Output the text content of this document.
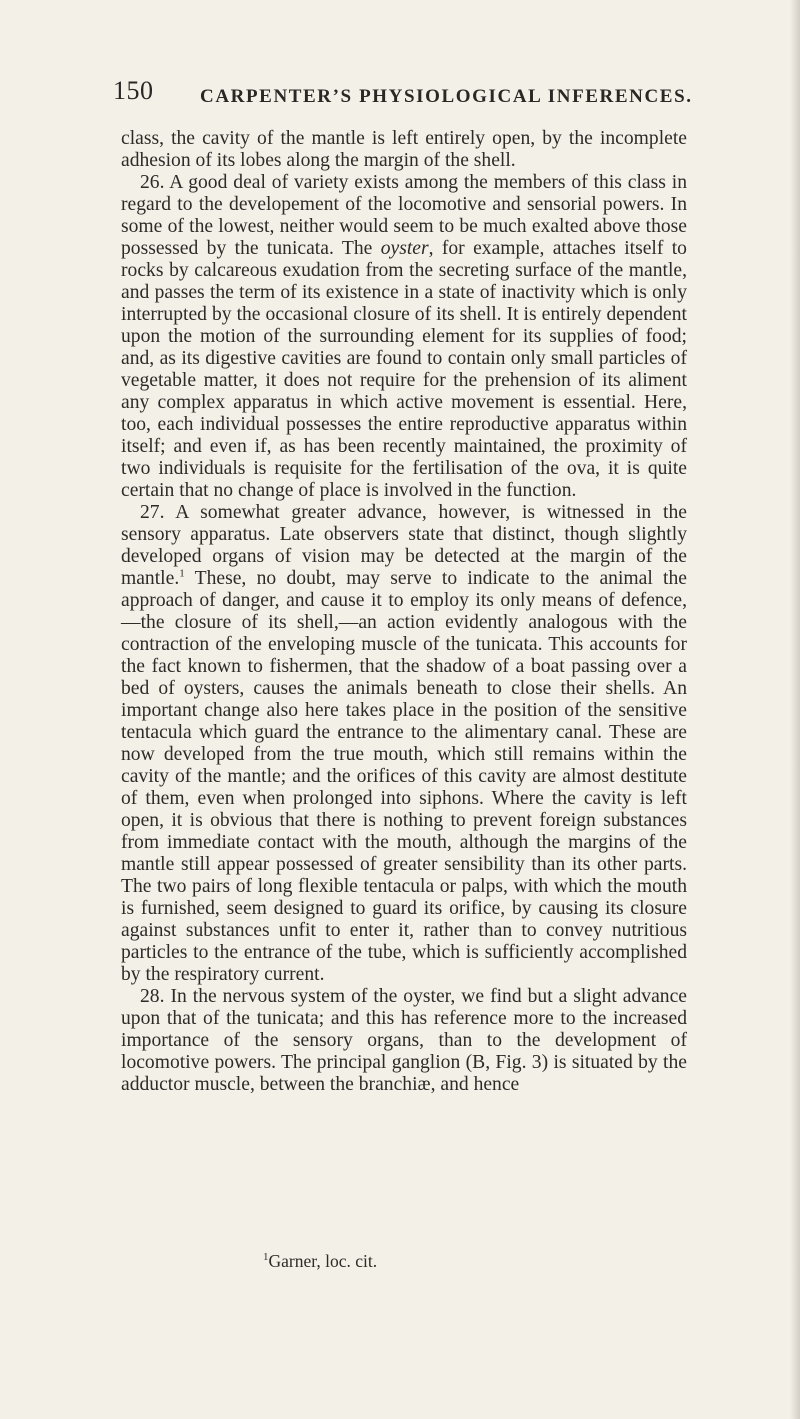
150 CARPENTER’S PHYSIOLOGICAL INFERENCES.

class, the cavity of the mantle is left entirely open, by the incomplete adhesion of its lobes along the margin of the shell.

26. A good deal of variety exists among the members of this class in regard to the developement of the locomotive and sensorial powers. In some of the lowest, neither would seem to be much exalted above those possessed by the tunicata. The oyster, for example, attaches itself to rocks by calcareous exudation from the secreting surface of the mantle, and passes the term of its existence in a state of inactivity which is only interrupted by the occasional closure of its shell. It is entirely dependent upon the motion of the surrounding element for its supplies of food; and, as its digestive cavities are found to contain only small particles of vegetable matter, it does not require for the prehension of its aliment any complex apparatus in which active movement is essential. Here, too, each individual possesses the entire reproductive apparatus within itself; and even if, as has been recently maintained, the proximity of two individuals is requisite for the fertilisation of the ova, it is quite certain that no change of place is involved in the function.

27. A somewhat greater advance, however, is witnessed in the sensory apparatus. Late observers state that distinct, though slightly developed organs of vision may be detected at the margin of the mantle.$^1$ These, no doubt, may serve to indicate to the animal the approach of danger, and cause it to employ its only means of defence,—the closure of its shell,—an action evidently analogous with the contraction of the enveloping muscle of the tunicata. This accounts for the fact known to fishermen, that the shadow of a boat passing over a bed of oysters, causes the animals beneath to close their shells. An important change also here takes place in the position of the sensitive tentacula which guard the entrance to the alimentary canal. These are now developed from the true mouth, which still remains within the cavity of the mantle; and the orifices of this cavity are almost destitute of them, even when prolonged into siphons. Where the cavity is left open, it is obvious that there is nothing to prevent foreign substances from immediate contact with the mouth, although the margins of the mantle still appear possessed of greater sensibility than its other parts. The two pairs of long flexible tentacula or palps, with which the mouth is furnished, seem designed to guard its orifice, by causing its closure against substances unfit to enter it, rather than to convey nutritious particles to the entrance of the tube, which is sufficiently accomplished by the respiratory current.

28. In the nervous system of the oyster, we find but a slight advance upon that of the tunicata; and this has reference more to the increased importance of the sensory organs, than to the development of locomotive powers. The principal ganglion (B, Fig. 3) is situated by the adductor muscle, between the branchiæ, and hence

$^1$Garner, loc. cit.
